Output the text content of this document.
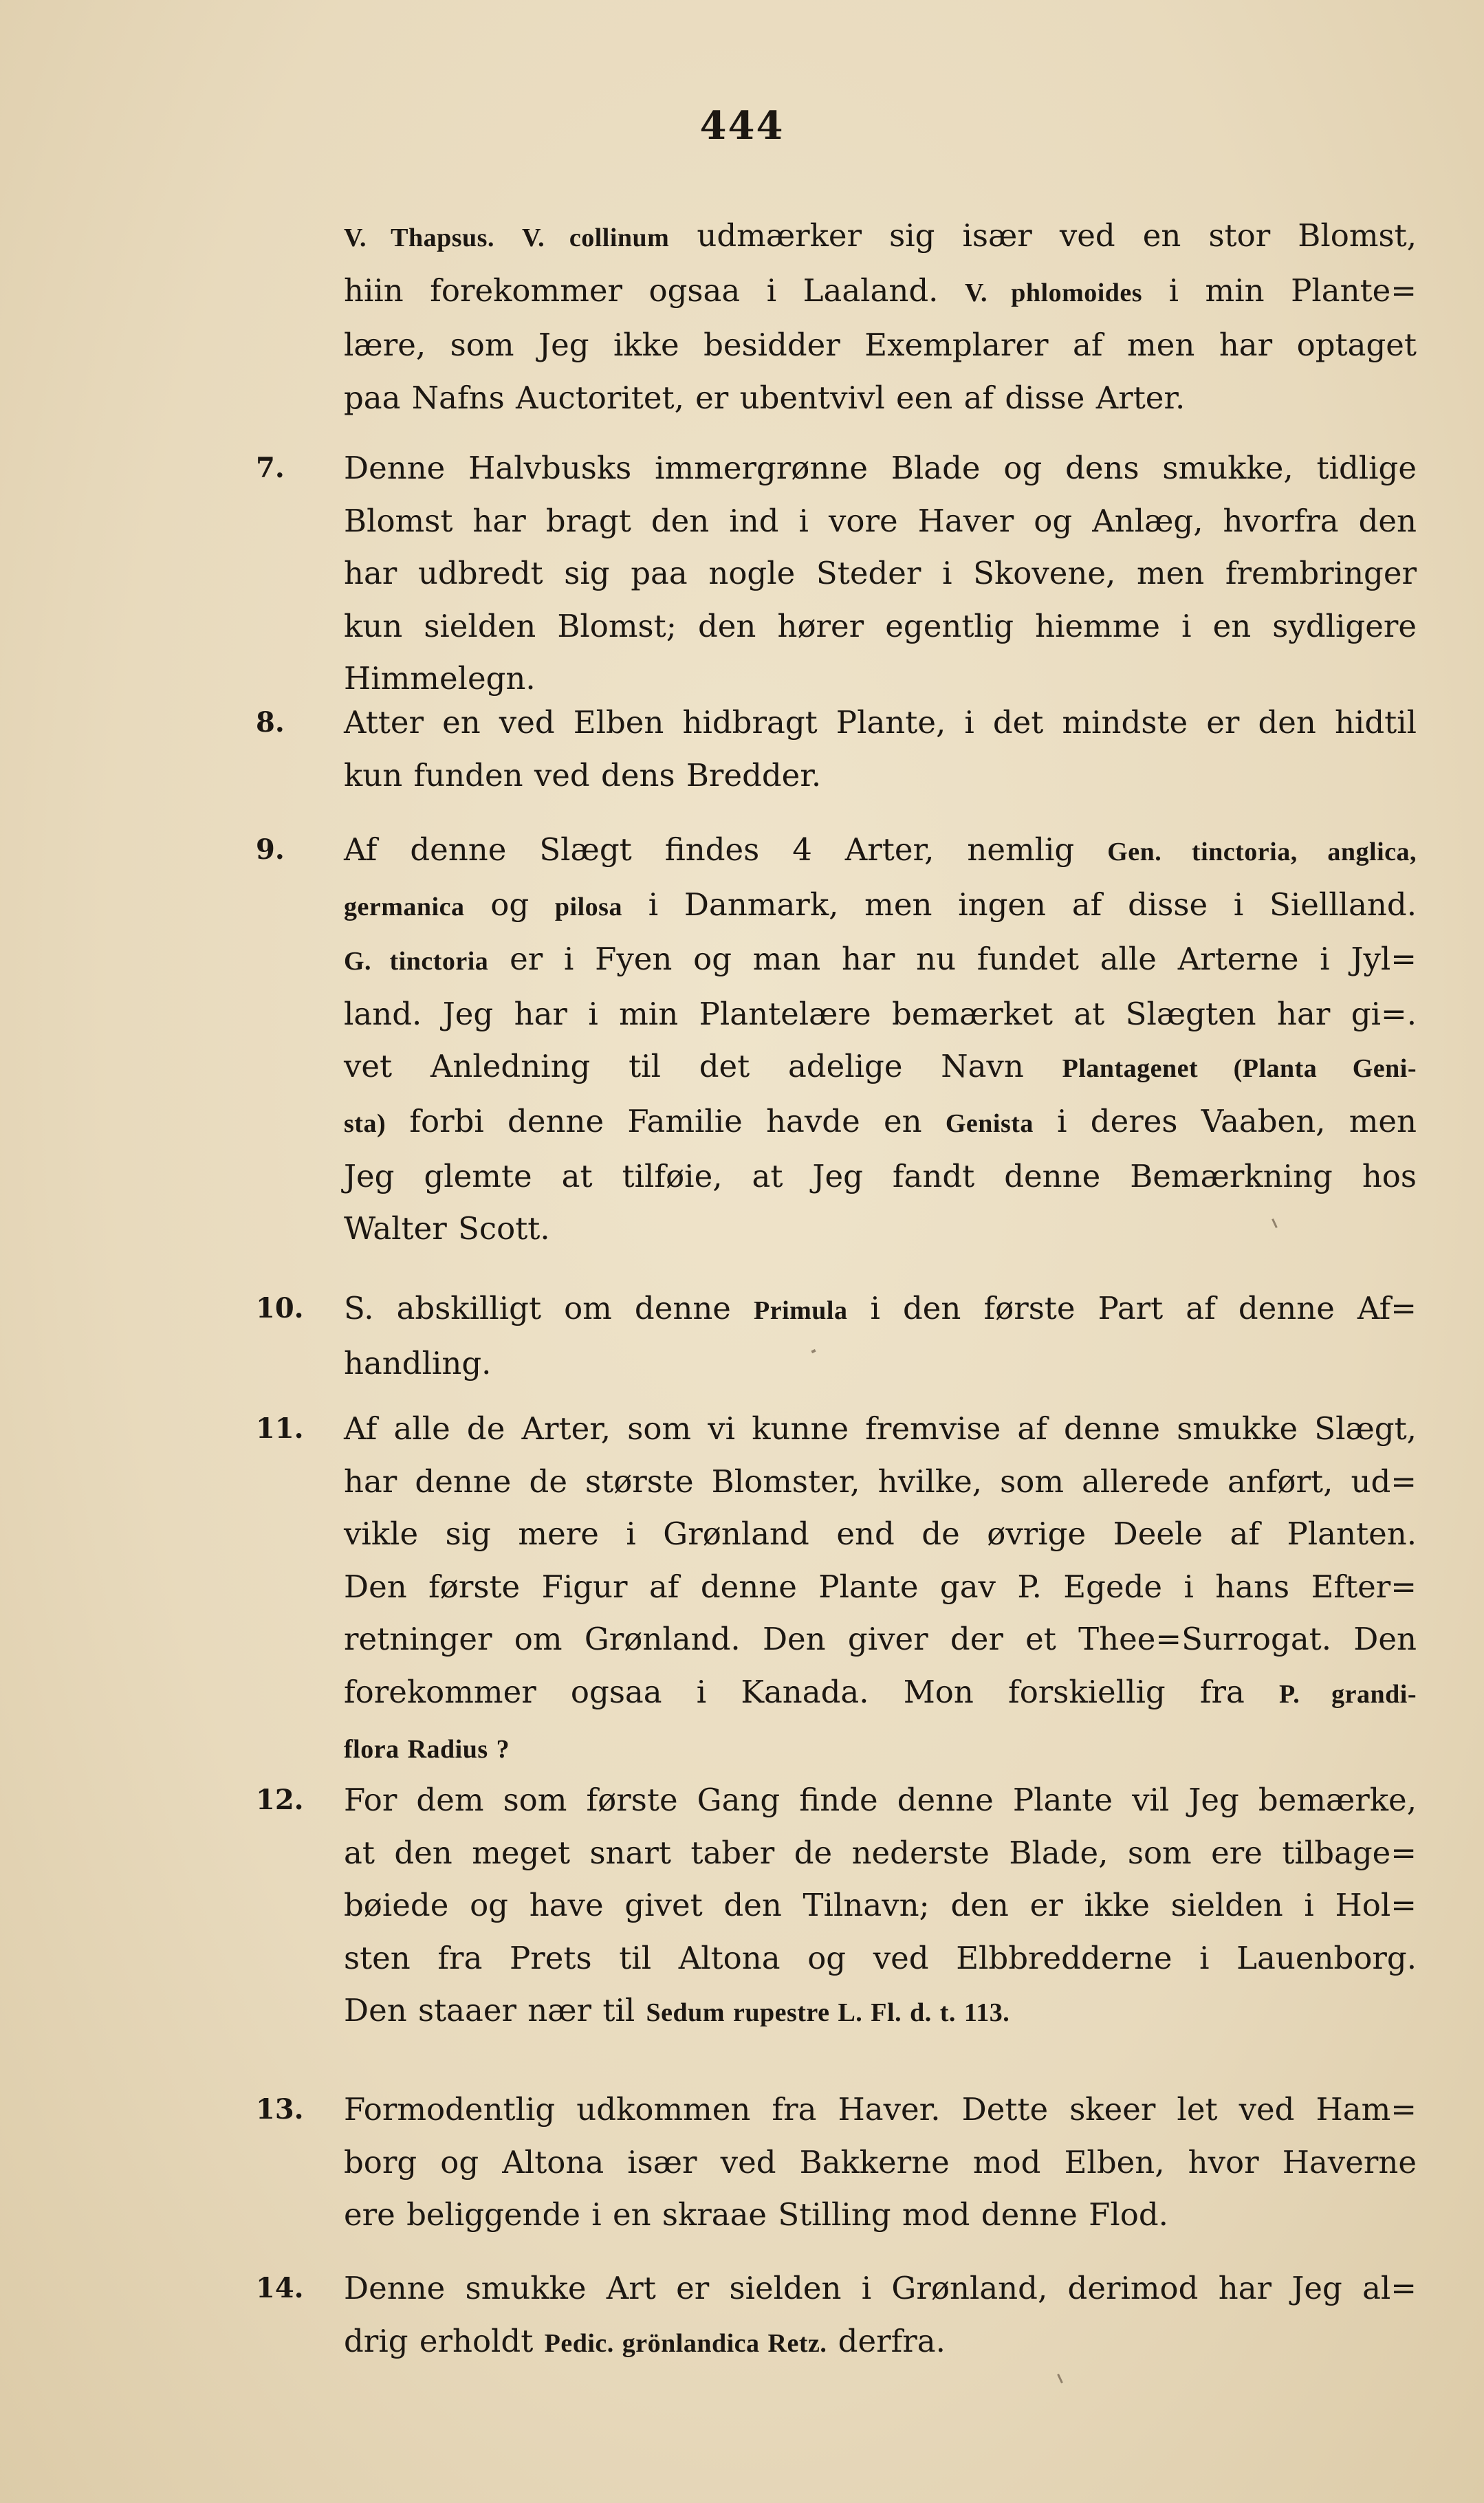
444
V. Thapsus. V. collinum udmærker sig især ved en stor Blomst,
hiin forekommer ogsaa i Laaland. V. phlomoides i min Plante=
lære, som Jeg ikke besidder Exemplarer af men har optaget
paa Nafns Auctoritet, er ubentvivl een af disse Arter.
7.	Denne Halvbusks immergrønne Blade og dens smukke, tidlige
Blomst har bragt den ind i vore Haver og Anlæg, hvorfra den
har udbredt sig paa nogle Steder i Skovene, men frembringer
kun sielden Blomst; den hører egentlig hiemme i en sydligere
Himmelegn.
8.	Atter en ved Elben hidbragt Plante, i det mindste er den hidtil
kun funden ved dens Bredder.
9.	Af denne Slægt findes 4 Arter, nemlig Gen. tinctoria, anglica,
germanica og pilosa i Danmark, men ingen af disse i Siellland.
G. tinctoria er i Fyen og man har nu fundet alle Arterne i Jyl=
land. Jeg har i min Plantelære bemærket at Slægten har gi=.
vet Anledning til det adelige Navn Plantagenet (Planta Geni-
sta) forbi denne Familie havde en Genista i deres Vaaben, men
Jeg glemte at tilføie, at Jeg fandt denne Bemærkning hos
Walter Scott.
10.	S. abskilligt om denne Primula i den første Part af denne Af=
handling.
11.	Af alle de Arter, som vi kunne fremvise af denne smukke Slægt,
har denne de største Blomster, hvilke, som allerede anført, ud=
vikle sig mere i Grønland end de øvrige Deele af Planten.
Den første Figur af denne Plante gav P. Egede i hans Efter=
retninger om Grønland. Den giver der et Thee=Surrogat. Den
forekommer ogsaa i Kanada. Mon forskiellig fra P. grandi-
flora Radius ?
12.	For dem som første Gang finde denne Plante vil Jeg bemærke,
at den meget snart taber de nederste Blade, som ere tilbage=
bøiede og have givet den Tilnavn; den er ikke sielden i Hol=
sten fra Prets til Altona og ved Elbbredderne i Lauenborg.
Den staaer nær til Sedum rupestre L. Fl. d. t. 113.
13.	Formodentlig udkommen fra Haver. Dette skeer let ved Ham=
borg og Altona især ved Bakkerne mod Elben, hvor Haverne
ere beliggende i en skraae Stilling mod denne Flod.
14.	Denne smukke Art er sielden i Grønland, derimod har Jeg al=
drig erholdt Pedic. grönlandica Retz. derfra.
